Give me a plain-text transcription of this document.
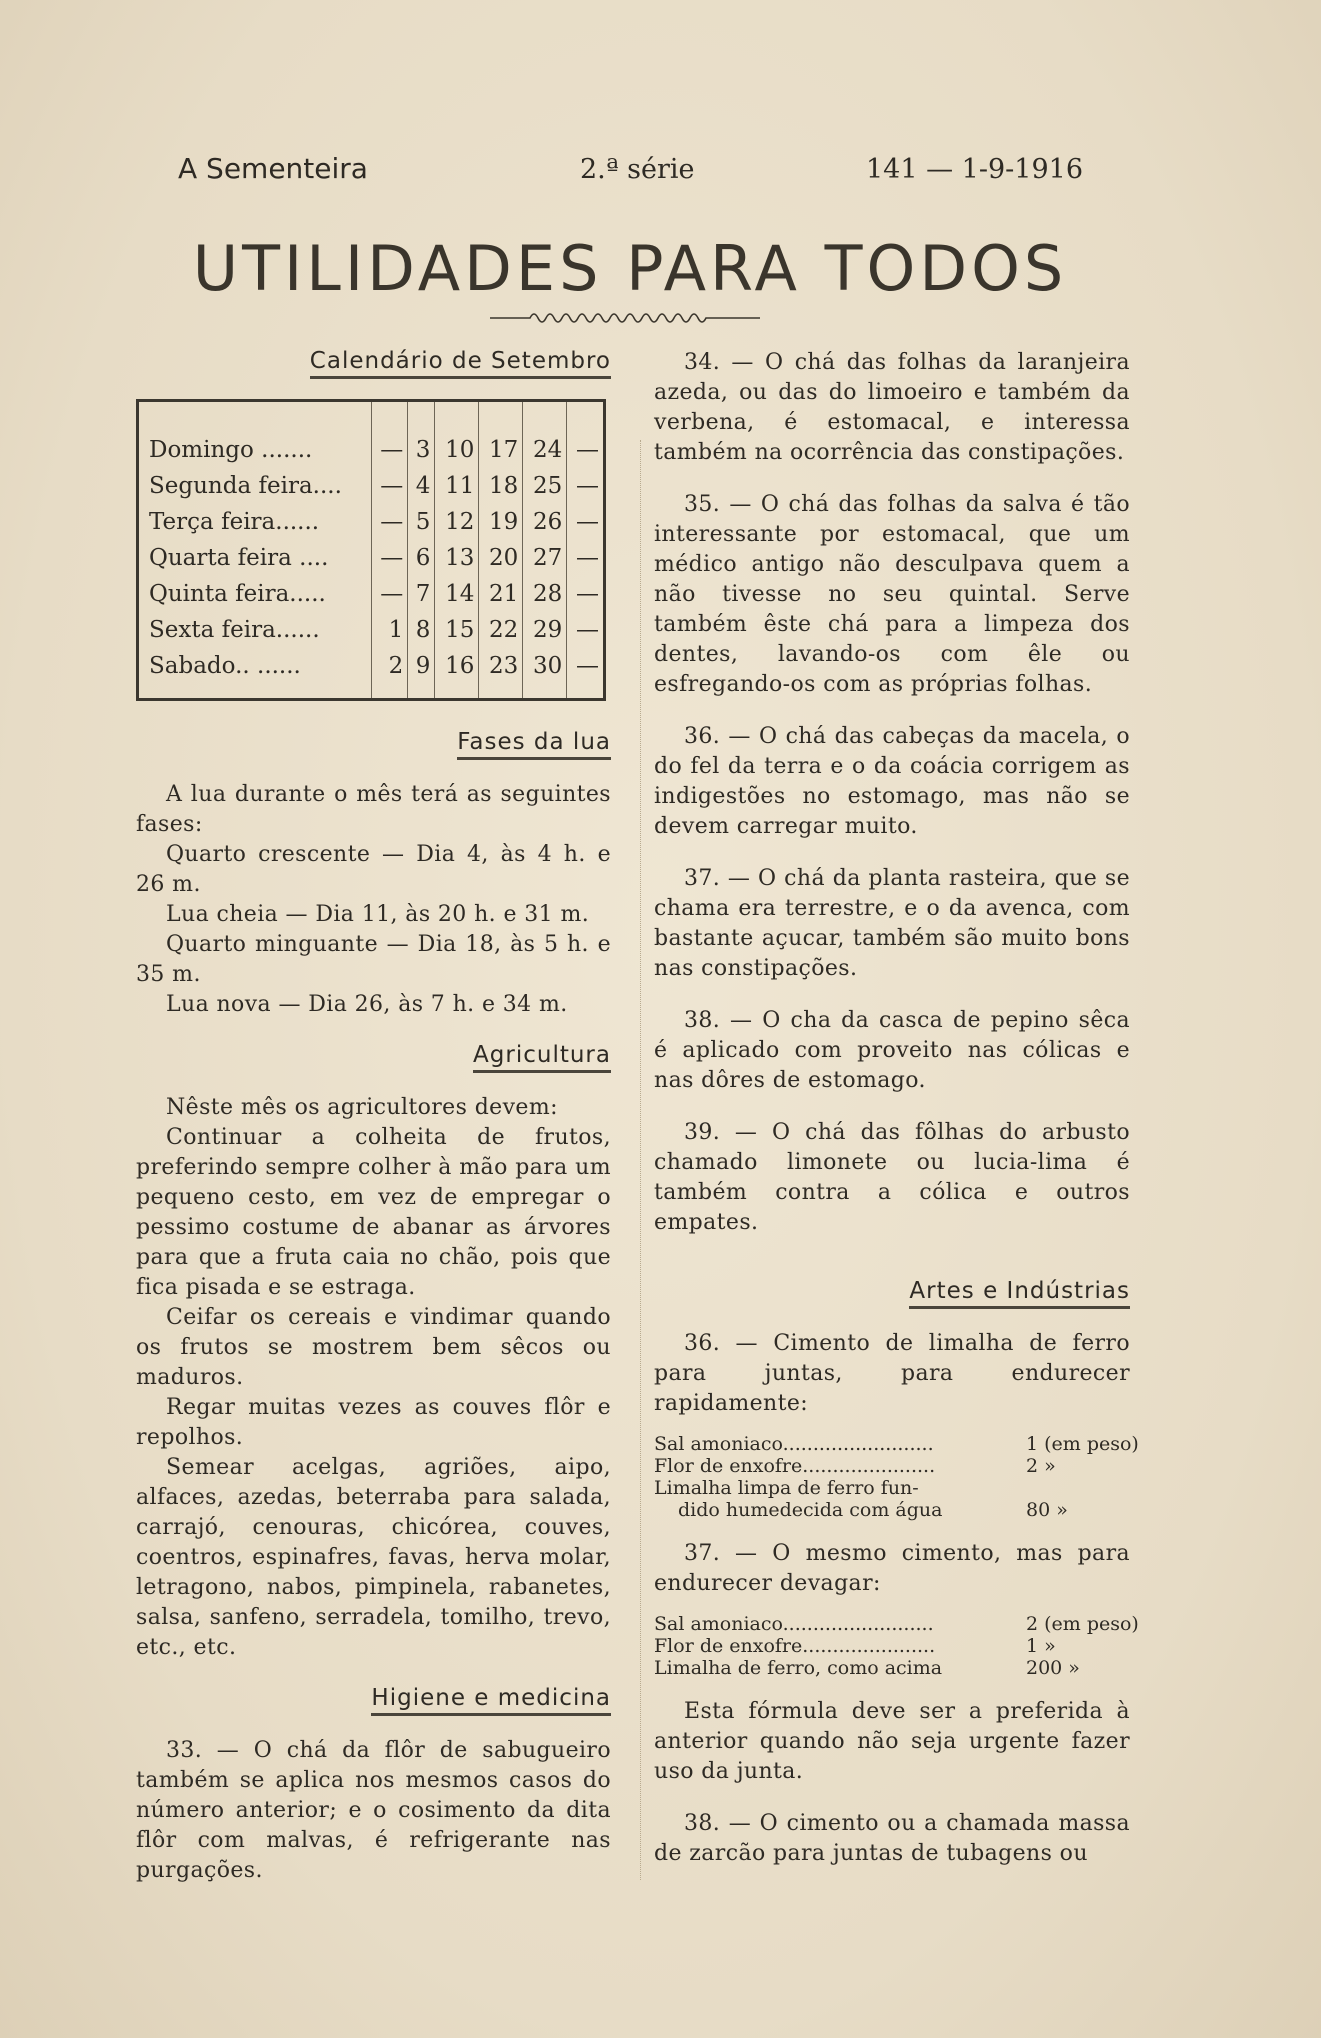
A Sementeira	2.ª série	141 — 1-9-1916
UTILIDADES PARA TODOS
Calendário de Setembro
Domingo .......	—	3	10	17	24	—
Segunda feira....	—	4	11	18	25	—
Terça feira......	—	5	12	19	26	—
Quarta feira ....	—	6	13	20	27	—
Quinta feira.....	—	7	14	21	28	—
Sexta feira......	1	8	15	22	29	—
Sabado.. ......	2	9	16	23	30	—
Fases da lua

A lua durante o mês terá as seguintes fases:

Quarto crescente — Dia 4, às 4 h. e 26 m.

Lua cheia — Dia 11, às 20 h. e 31 m.

Quarto minguante — Dia 18, às 5 h. e 35 m.

Lua nova — Dia 26, às 7 h. e 34 m.

Agricultura

Nêste mês os agricultores devem:

Continuar a colheita de frutos, preferindo sempre colher à mão para um pequeno cesto, em vez de empregar o pessimo costume de abanar as árvores para que a fruta caia no chão, pois que fica pisada e se estraga.

Ceifar os cereais e vindimar quando os frutos se mostrem bem sêcos ou maduros.

Regar muitas vezes as couves flôr e repolhos.

Semear acelgas, agriões, aipo, alfaces, azedas, beterraba para salada, carrajó, cenouras, chicórea, couves, coentros, espinafres, favas, herva molar, letragono, nabos, pimpinela, rabanetes, salsa, sanfeno, serradela, tomilho, trevo, etc., etc.

Higiene e medicina

33. — O chá da flôr de sabugueiro também se aplica nos mesmos casos do número anterior; e o cosimento da dita flôr com malvas, é refrigerante nas purgações.

34. — O chá das folhas da laranjeira azeda, ou das do limoeiro e também da verbena, é estomacal, e interessa também na ocorrência das constipações.

35. — O chá das folhas da salva é tão interessante por estomacal, que um médico antigo não desculpava quem a não tivesse no seu quintal. Serve também êste chá para a limpeza dos dentes, lavando-os com êle ou esfregando-os com as próprias folhas.

36. — O chá das cabeças da macela, o do fel da terra e o da coácia corrigem as indigestões no estomago, mas não se devem carregar muito.

37. — O chá da planta rasteira, que se chama era terrestre, e o da avenca, com bastante açucar, também são muito bons nas constipações.

38. — O cha da casca de pepino sêca é aplicado com proveito nas cólicas e nas dôres de estomago.

39. — O chá das fôlhas do arbusto chamado limonete ou lucia-lima é também contra a cólica e outros empates.

Artes e Indústrias

36. — Cimento de limalha de ferro para juntas, para endurecer rapidamente:

Sal amoniaco.........................	1 (em peso)
Flor de enxofre......................	2 »
Limalha limpa de ferro fun-
dido humedecida com água	80 »

37. — O mesmo cimento, mas para endurecer devagar:

Sal amoniaco.........................	2 (em peso)
Flor de enxofre......................	1 »
Limalha de ferro, como acima	200 »

Esta fórmula deve ser a preferida à anterior quando não seja urgente fazer uso da junta.

38. — O cimento ou a chamada massa de zarcão para juntas de tubagens ou
